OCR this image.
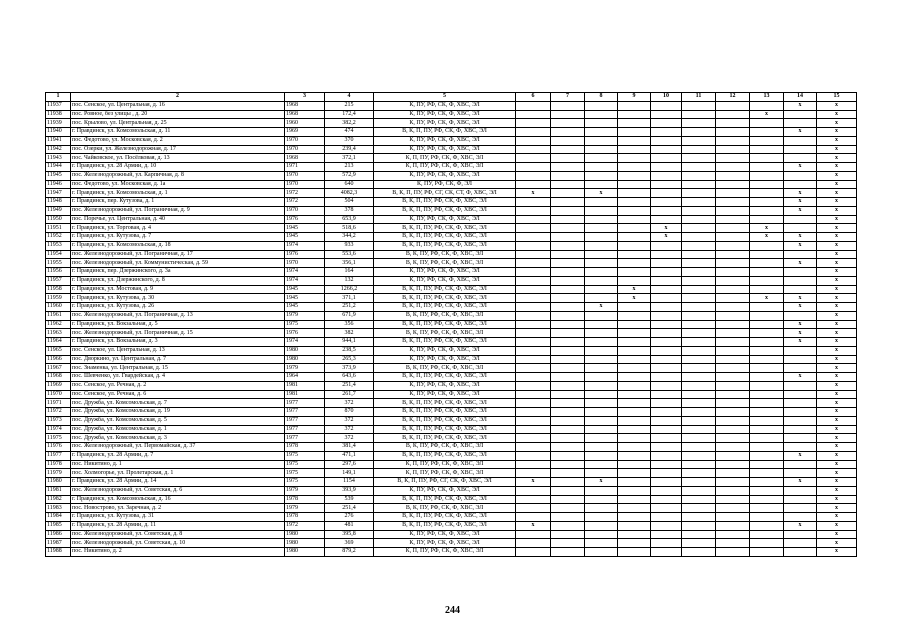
1	2	3	4	5	6	7	8	9	10	11	12	13	14	15
11937	пос. Сенское, ул. Центральная, д. 16	1968	215	К, ПУ, РФ, СК, Ф, ХВС, ЭЛ									x	x
11938	пос. Ровное, без улицы , д. 20	1968	172,4	К, ПУ, РФ, СК, Ф, ХВС, ЭЛ								x		x
11939	пос. Крылово, ул. Центральная, д. 25	1960	382,2	К, ПУ, РФ, СК, Ф, ХВС, ЭЛ										x
11940	г. Правдинск, ул. Комсомольская, д. 11	1969	474	В, К, П, ПУ, РФ, СК, Ф, ХВС, ЭЛ									x	x
11941	пос. Федотово, ул. Московская, д. 2	1970	370	К, ПУ, РФ, СК, Ф, ХВС, ЭЛ										x
11942	пос. Озерки, ул. Железнодорожная, д. 17	1970	239,4	К, ПУ, РФ, СК, Ф, ХВС, ЭЛ										x
11943	пос. Чайковское, ул. Посёлковая, д. 13	1968	372,1	К, П, ПУ, РФ, СК, Ф, ХВС, ЭЛ										x
11944	г. Правдинск, ул. 28 Армии, д. 10	1971	213	К, П, ПУ, РФ, СК, Ф, ХВС, ЭЛ									x	x
11945	пос. Железнодорожный, ул. Карпичная, д. 8	1970	572,9	К, ПУ, РФ, СК, Ф, ХВС, ЭЛ										x
11946	пос. Федотово, ул. Московская, д. 1а	1970	640	К, ПУ, РФ, СК, Ф, ЭЛ										x
11947	г. Правдинск, ул. Комсомольская, д. 1	1972	4082,3	В, К, П, ПУ, РФ, СГ, СК, СТ, Ф, ХВС, ЭЛ	x		x						x	x
11948	г. Правдинск, пер. Кутузова, д. 1	1972	504	В, К, П, ПУ, РФ, СК, Ф, ХВС, ЭЛ									x	x
11949	пос. Железнодорожный, ул. Пограничная, д. 9	1970	378	В, К, П, ПУ, РФ, СК, Ф, ХВС, ЭЛ									x	x
11950	пос. Поречье, ул. Центральная, д. 40	1976	653,9	К, ПУ, РФ, СК, Ф, ХВС, ЭЛ										x
11951	г. Правдинск, ул. Торговая, д. 4	1945	518,6	В, К, П, ПУ, РФ, СК, Ф, ХВС, ЭЛ					x			x		x
11952	г. Правдинск, ул. Кутузова, д. 7	1945	344,2	В, К, П, ПУ, РФ, СК, Ф, ХВС, ЭЛ					x			x	x	x
11953	г. Правдинск, ул. Комсомольская, д. 18	1974	933	В, К, П, ПУ, РФ, СК, Ф, ХВС, ЭЛ									x	x
11954	пос. Железнодорожный, ул. Пограничная, д. 17	1976	553,6	В, К, ПУ, РФ, СК, Ф, ХВС, ЭЛ										x
11955	пос. Железнодорожный, ул. Коммунистическая, д. 59	1970	356,1	В, К, ПУ, РФ, СК, Ф, ХВС, ЭЛ									x	x
11956	г. Правдинск, пер. Дзержинского, д. 3а	1974	164	К, ПУ, РФ, СК, Ф, ХВС, ЭЛ										x
11957	г. Правдинск, ул. Дзержинского, д. 8	1974	132	К, ПУ, РФ, СК, Ф, ХВС, ЭЛ										x
11958	г. Правдинск, ул. Мостовая, д. 9	1945	1266,2	В, К, П, ПУ, РФ, СК, Ф, ХВС, ЭЛ				x						x
11959	г. Правдинск, ул. Кутузова, д. 30	1945	371,1	В, К, П, ПУ, РФ, СК, Ф, ХВС, ЭЛ				x				x	x	x
11960	г. Правдинск, ул. Кутузова, д. 26	1945	251,2	В, К, П, ПУ, РФ, СК, Ф, ХВС, ЭЛ			x						x	x
11961	пос. Железнодорожный, ул. Пограничная, д. 13	1979	671,9	В, К, ПУ, РФ, СК, Ф, ХВС, ЭЛ										x
11962	г. Правдинск, ул. Вокзальная, д. 5	1975	356	В, К, П, ПУ, РФ, СК, Ф, ХВС, ЭЛ									x	x
11963	пос. Железнодорожный, ул. Пограничная, д. 15	1976	382	В, К, ПУ, РФ, СК, Ф, ХВС, ЭЛ									x	x
11964	г. Правдинск, ул. Вокзальная, д. 3	1974	944,1	В, К, П, ПУ, РФ, СК, Ф, ХВС, ЭЛ									x	x
11965	пос. Сенское, ул. Центральная, д. 13	1980	238,5	К, ПУ, РФ, СК, Ф, ХВС, ЭЛ										x
11966	пос. Дворкино, ул. Центральная, д. 7	1980	265,3	К, ПУ, РФ, СК, Ф, ХВС, ЭЛ										x
11967	пос. Знаменка, ул. Центральная, д. 15	1979	373,9	В, К, ПУ, РФ, СК, Ф, ХВС, ЭЛ										x
11968	пос. Шевченко, ул. Гвардейская, д. 4	1964	643,6	В, К, П, ПУ, РФ, СК, Ф, ХВС, ЭЛ									x	x
11969	пос. Сенское, ул. Речная, д. 2	1981	251,4	К, ПУ, РФ, СК, Ф, ХВС, ЭЛ										x
11970	пос. Сенское, ул. Речная, д. 6	1981	261,7	К, ПУ, РФ, СК, Ф, ХВС, ЭЛ										x
11971	пос. Дружба, ул. Комсомольская, д. 7	1977	372	В, К, П, ПУ, РФ, СК, Ф, ХВС, ЭЛ										x
11972	пос. Дружба, ул. Комсомольская, д. 19	1977	870	В, К, П, ПУ, РФ, СК, Ф, ХВС, ЭЛ										x
11973	пос. Дружба, ул. Комсомольская, д. 5	1977	372	В, К, П, ПУ, РФ, СК, Ф, ХВС, ЭЛ										x
11974	пос. Дружба, ул. Комсомольская, д. 1	1977	372	В, К, П, ПУ, РФ, СК, Ф, ХВС, ЭЛ										x
11975	пос. Дружба, ул. Комсомольская, д. 3	1977	372	В, К, П, ПУ, РФ, СК, Ф, ХВС, ЭЛ										x
11976	пос. Железнодорожный, ул. Первомайская, д. 37	1978	381,4	В, К, ПУ, РФ, СК, Ф, ХВС, ЭЛ										x
11977	г. Правдинск, ул. 28 Армии, д. 7	1975	471,1	В, К, П, ПУ, РФ, СК, Ф, ХВС, ЭЛ									x	x
11978	пос. Никитино, д. 1	1975	297,6	К, П, ПУ, РФ, СК, Ф, ХВС, ЭЛ										x
11979	пос. Холмогорье, ул. Пролетарская, д. 1	1975	149,1	К, П, ПУ, РФ, СК, Ф, ХВС, ЭЛ										x
11980	г. Правдинск, ул. 28 Армии, д. 14	1975	1154	В, К, П, ПУ, РФ, СГ, СК, Ф, ХВС, ЭЛ	x		x						x	x
11981	пос. Железнодорожный, ул. Советская, д. 6	1979	393,9	К, ПУ, РФ, СК, Ф, ХВС, ЭЛ										x
11982	г. Правдинск, ул. Комсомольская, д. 16	1978	539	В, К, П, ПУ, РФ, СК, Ф, ХВС, ЭЛ										x
11983	пос. Новострово, ул. Заречная, д. 2	1979	251,4	В, К, ПУ, РФ, СК, Ф, ХВС, ЭЛ										x
11984	г. Правдинск, ул. Кутузова, д. 31	1978	276	В, К, П, ПУ, РФ, СК, Ф, ХВС, ЭЛ										x
11985	г. Правдинск, ул. 28 Армии, д. 11	1972	481	В, К, П, ПУ, РФ, СК, Ф, ХВС, ЭЛ	x								x	x
11986	пос. Железнодорожный, ул. Советская, д. 8	1980	395,8	К, ПУ, РФ, СК, Ф, ХВС, ЭЛ										x
11987	пос. Железнодорожный, ул. Советская, д. 10	1980	369	К, ПУ, РФ, СК, Ф, ХВС, ЭЛ										x
11988	пос. Никитино, д. 2	1980	879,2	К, П, ПУ, РФ, СК, Ф, ХВС, ЭЛ										x
244
